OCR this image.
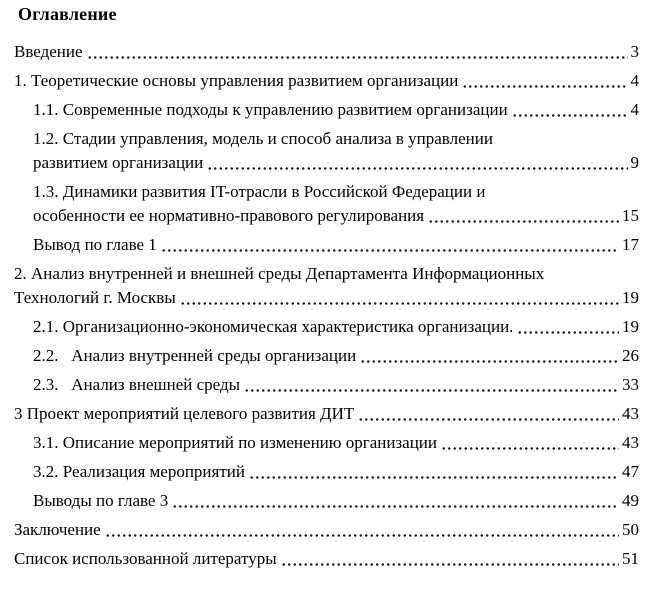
Оглавление
Введение	3
1. Теоретические основы управления развитием организации	4
1.1. Современные подходы к управлению развитием организации	4
1.2. Стадии управления, модель и способ анализа в управлении
развитием организации	9
1.3. Динамики развития IT-отрасли в Российской Федерации и
особенности ее нормативно-правового регулирования	15
Вывод по главе 1	17
2. Анализ внутренней и внешней среды Департамента Информационных
Технологий г. Москвы	19
2.1. Организационно-экономическая характеристика организации.	19
2.2.   Анализ внутренней среды организации	26
2.3.   Анализ внешней среды	33
3 Проект мероприятий целевого развития ДИТ	43
3.1. Описание мероприятий по изменению организации	43
3.2. Реализация мероприятий	47
Выводы по главе 3	49
Заключение	50
Список использованной литературы	51
